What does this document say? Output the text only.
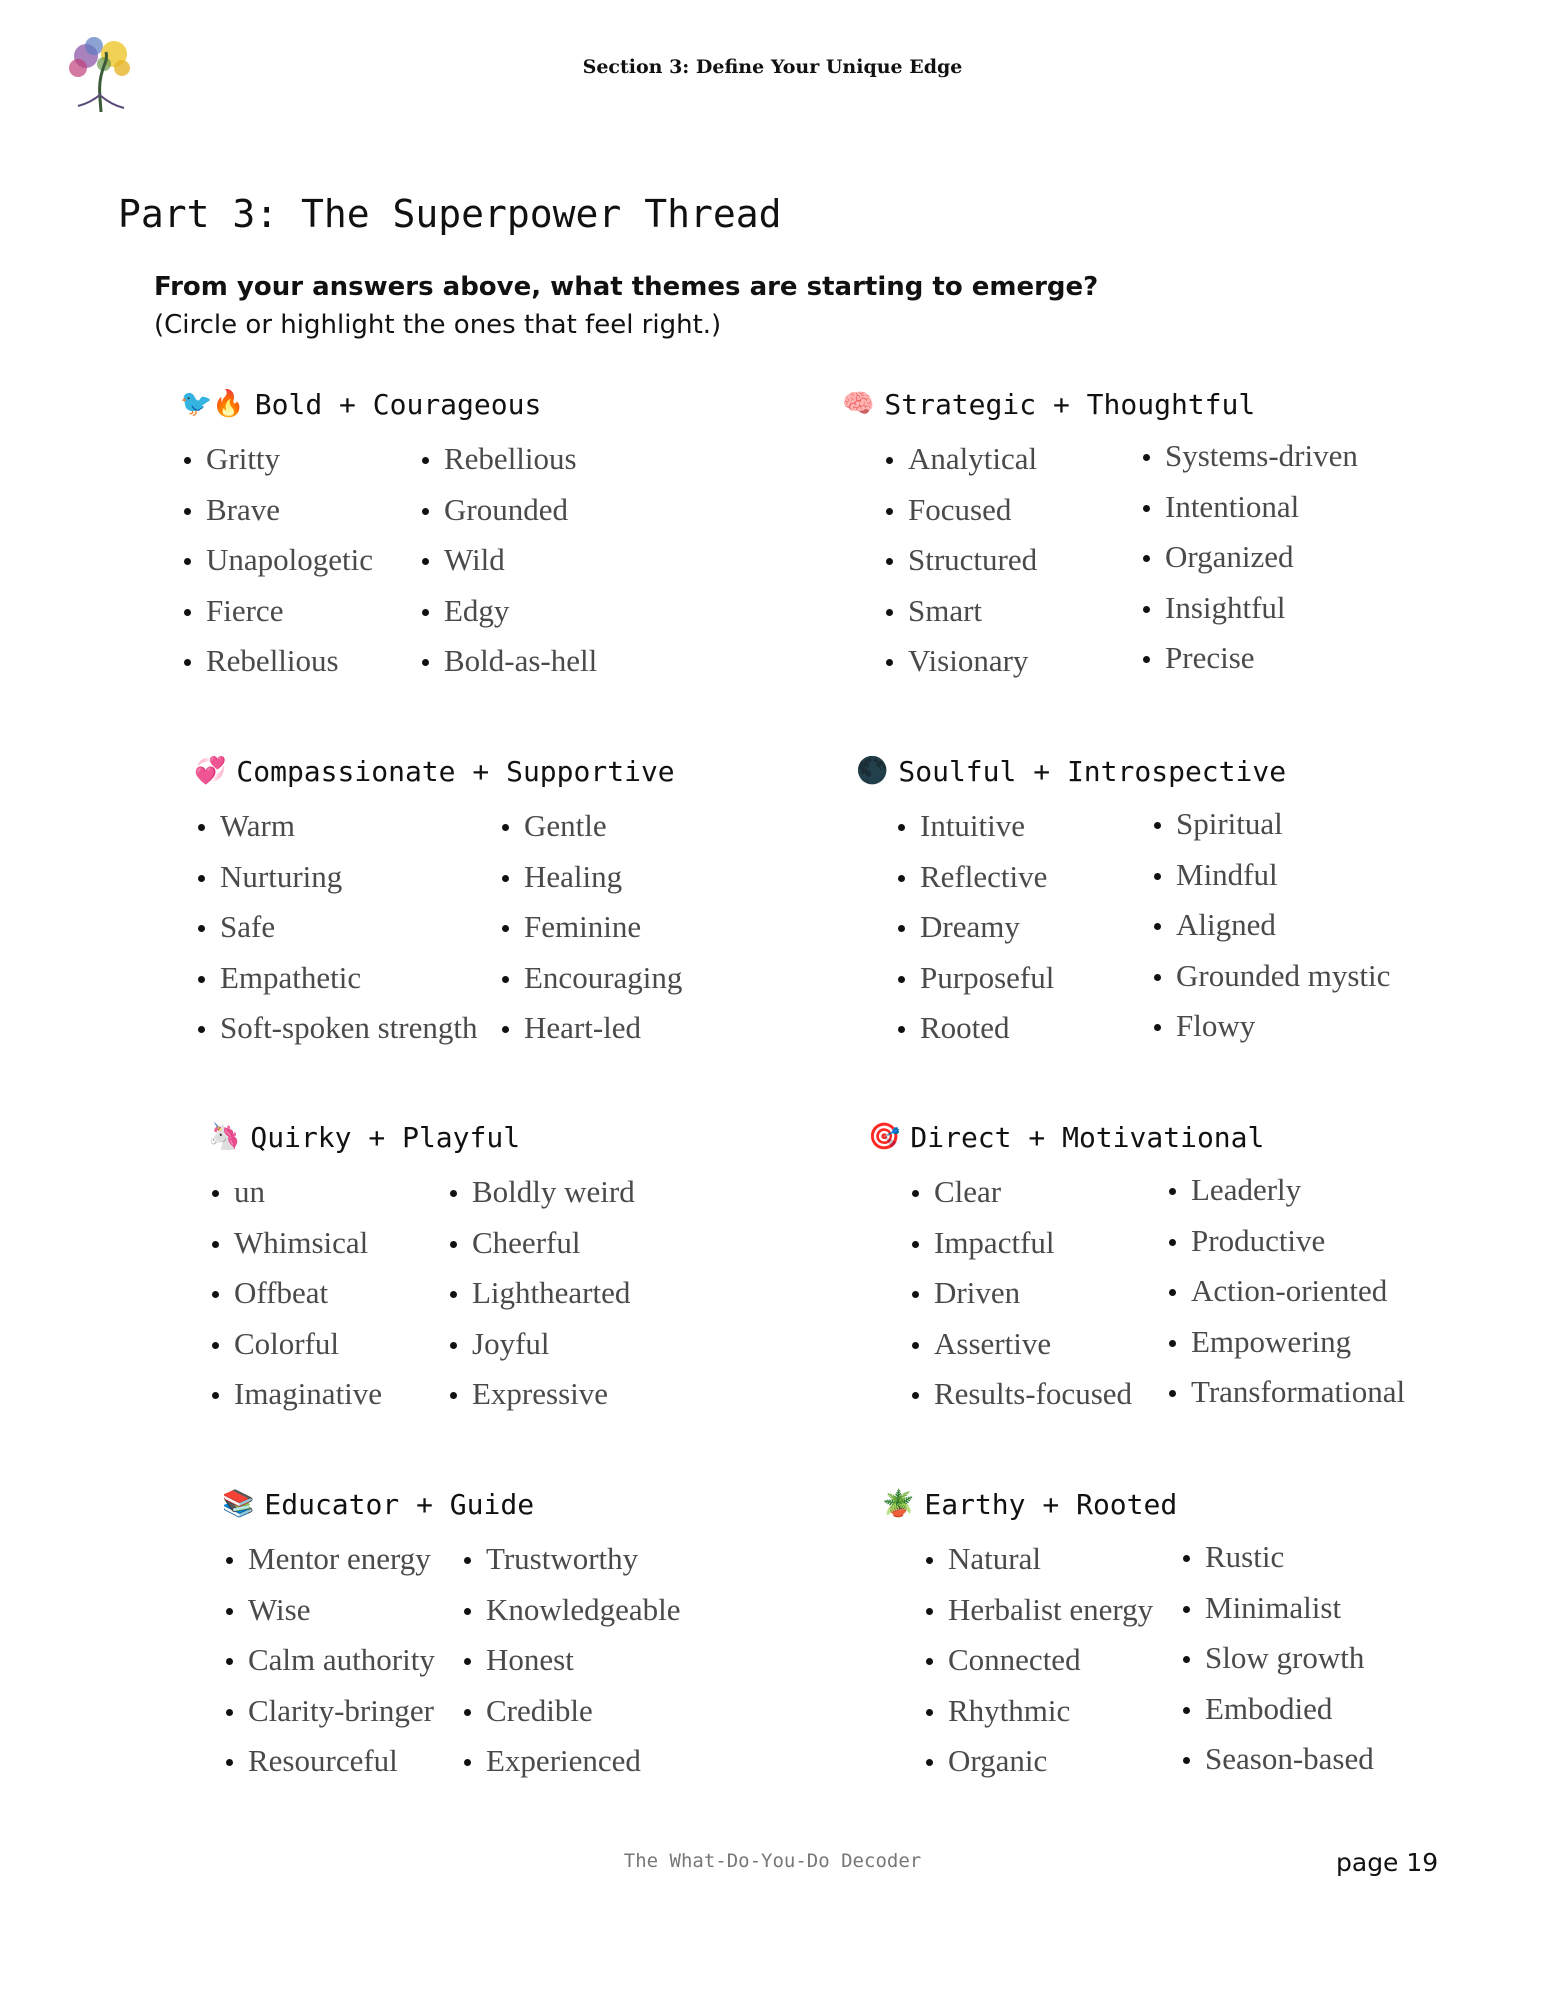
Section 3: Define Your Unique Edge
Part 3: The Superpower Thread
From your answers above, what themes are starting to emerge?
(Circle or highlight the ones that feel right.)
🐦🔥 Bold + Courageous
Gritty
Brave
Unapologetic
Fierce
Rebellious
Rebellious
Grounded
Wild
Edgy
Bold-as-hell
🧠 Strategic + Thoughtful
Analytical
Focused
Structured
Smart
Visionary
Systems-driven
Intentional
Organized
Insightful
Precise
💞 Compassionate + Supportive
Warm
Nurturing
Safe
Empathetic
Soft-spoken strength
Gentle
Healing
Feminine
Encouraging
Heart-led
🌑 Soulful + Introspective
Intuitive
Reflective
Dreamy
Purposeful
Rooted
Spiritual
Mindful
Aligned
Grounded mystic
Flowy
🦄 Quirky + Playful
un
Whimsical
Offbeat
Colorful
Imaginative
Boldly weird
Cheerful
Lighthearted
Joyful
Expressive
🎯 Direct + Motivational
Clear
Impactful
Driven
Assertive
Results-focused
Leaderly
Productive
Action-oriented
Empowering
Transformational
📚 Educator + Guide
Mentor energy
Wise
Calm authority
Clarity-bringer
Resourceful
Trustworthy
Knowledgeable
Honest
Credible
Experienced
🪴 Earthy + Rooted
Natural
Herbalist energy
Connected
Rhythmic
Organic
Rustic
Minimalist
Slow growth
Embodied
Season-based
The What-Do-You-Do Decoder	page 19
